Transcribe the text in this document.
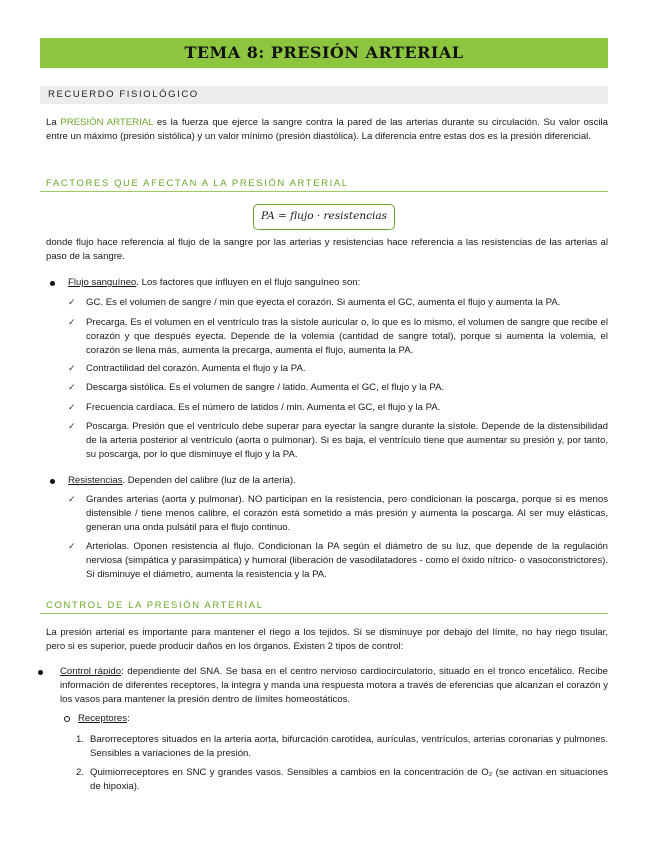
TEMA 8: PRESIÓN ARTERIAL
RECUERDO FISIOLÓGICO
La PRESIÓN ARTERIAL es la fuerza que ejerce la sangre contra la pared de las arterias durante su circulación. Su valor oscila entre un máximo (presión sistólica) y un valor mínimo (presión diastólica). La diferencia entre estas dos es la presión diferencial.
FACTORES QUE AFECTAN A LA PRESIÓN ARTERIAL
PA = flujo · resistencias
donde flujo hace referencia al flujo de la sangre por las arterias y resistencias hace referencia a las resistencias de las arterias al paso de la sangre.
Flujo sanguíneo. Los factores que influyen en el flujo sanguíneo son:
✓ GC. Es el volumen de sangre / min que eyecta el corazón. Si aumenta el GC, aumenta el flujo y aumenta la PA.
✓ Precarga. Es el volumen en el ventrículo tras la sístole auricular o, lo que es lo mismo, el volumen de sangre que recibe el corazón y que después eyecta. Depende de la volemia (cantidad de sangre total), porque si aumenta la volemia, el corazón se llena más, aumenta la precarga, aumenta el flujo, aumenta la PA.
✓ Contractilidad del corazón. Aumenta el flujo y la PA.
✓ Descarga sistólica. Es el volumen de sangre / latido. Aumenta el GC, el flujo y la PA.
✓ Frecuencia cardíaca. Es el número de latidos / min. Aumenta el GC, el flujo y la PA.
✓ Poscarga. Presión que el ventrículo debe superar para eyectar la sangre durante la sístole. Depende de la distensibilidad de la arteria posterior al ventrículo (aorta o pulmonar). Si es baja, el ventrículo tiene que aumentar su presión y, por tanto, su poscarga, por lo que disminuye el flujo y la PA.
Resistencias. Dependen del calibre (luz de la arteria).
✓ Grandes arterias (aorta y pulmonar). NO participan en la resistencia, pero condicionan la poscarga, porque si es menos distensible / tiene menos calibre, el corazón está sometido a más presión y aumenta la poscarga. Al ser muy elásticas, generan una onda pulsátil para el flujo continuo.
✓ Arteriolas. Oponen resistencia al flujo. Condicionan la PA según el diámetro de su luz, que depende de la regulación nerviosa (simpática y parasimpática) y humoral (liberación de vasodilatadores - como el óxido nítrico- o vasoconstrictores). Si disminuye el diámetro, aumenta la resistencia y la PA.
CONTROL DE LA PRESIÓN ARTERIAL
La presión arterial es importante para mantener el riego a los tejidos. Si se disminuye por debajo del límite, no hay riego tisular, pero si es superior, puede producir daños en los órganos. Existen 2 tipos de control:
Control rápido: dependiente del SNA. Se basa en el centro nervioso cardiocirculatorio, situado en el tronco encefálico. Recibe información de diferentes receptores, la integra y manda una respuesta motora a través de eferencias que alcanzan el corazón y los vasos para mantener la presión dentro de límites homeostáticos.
Receptores:
1. Barorreceptores situados en la arteria aorta, bifurcación carotídea, aurículas, ventrículos, arterias coronarias y pulmones. Sensibles a variaciones de la presión.
2. Quimiorreceptores en SNC y grandes vasos. Sensibles a cambios en la concentración de O₂ (se activan en situaciones de hipoxia).
